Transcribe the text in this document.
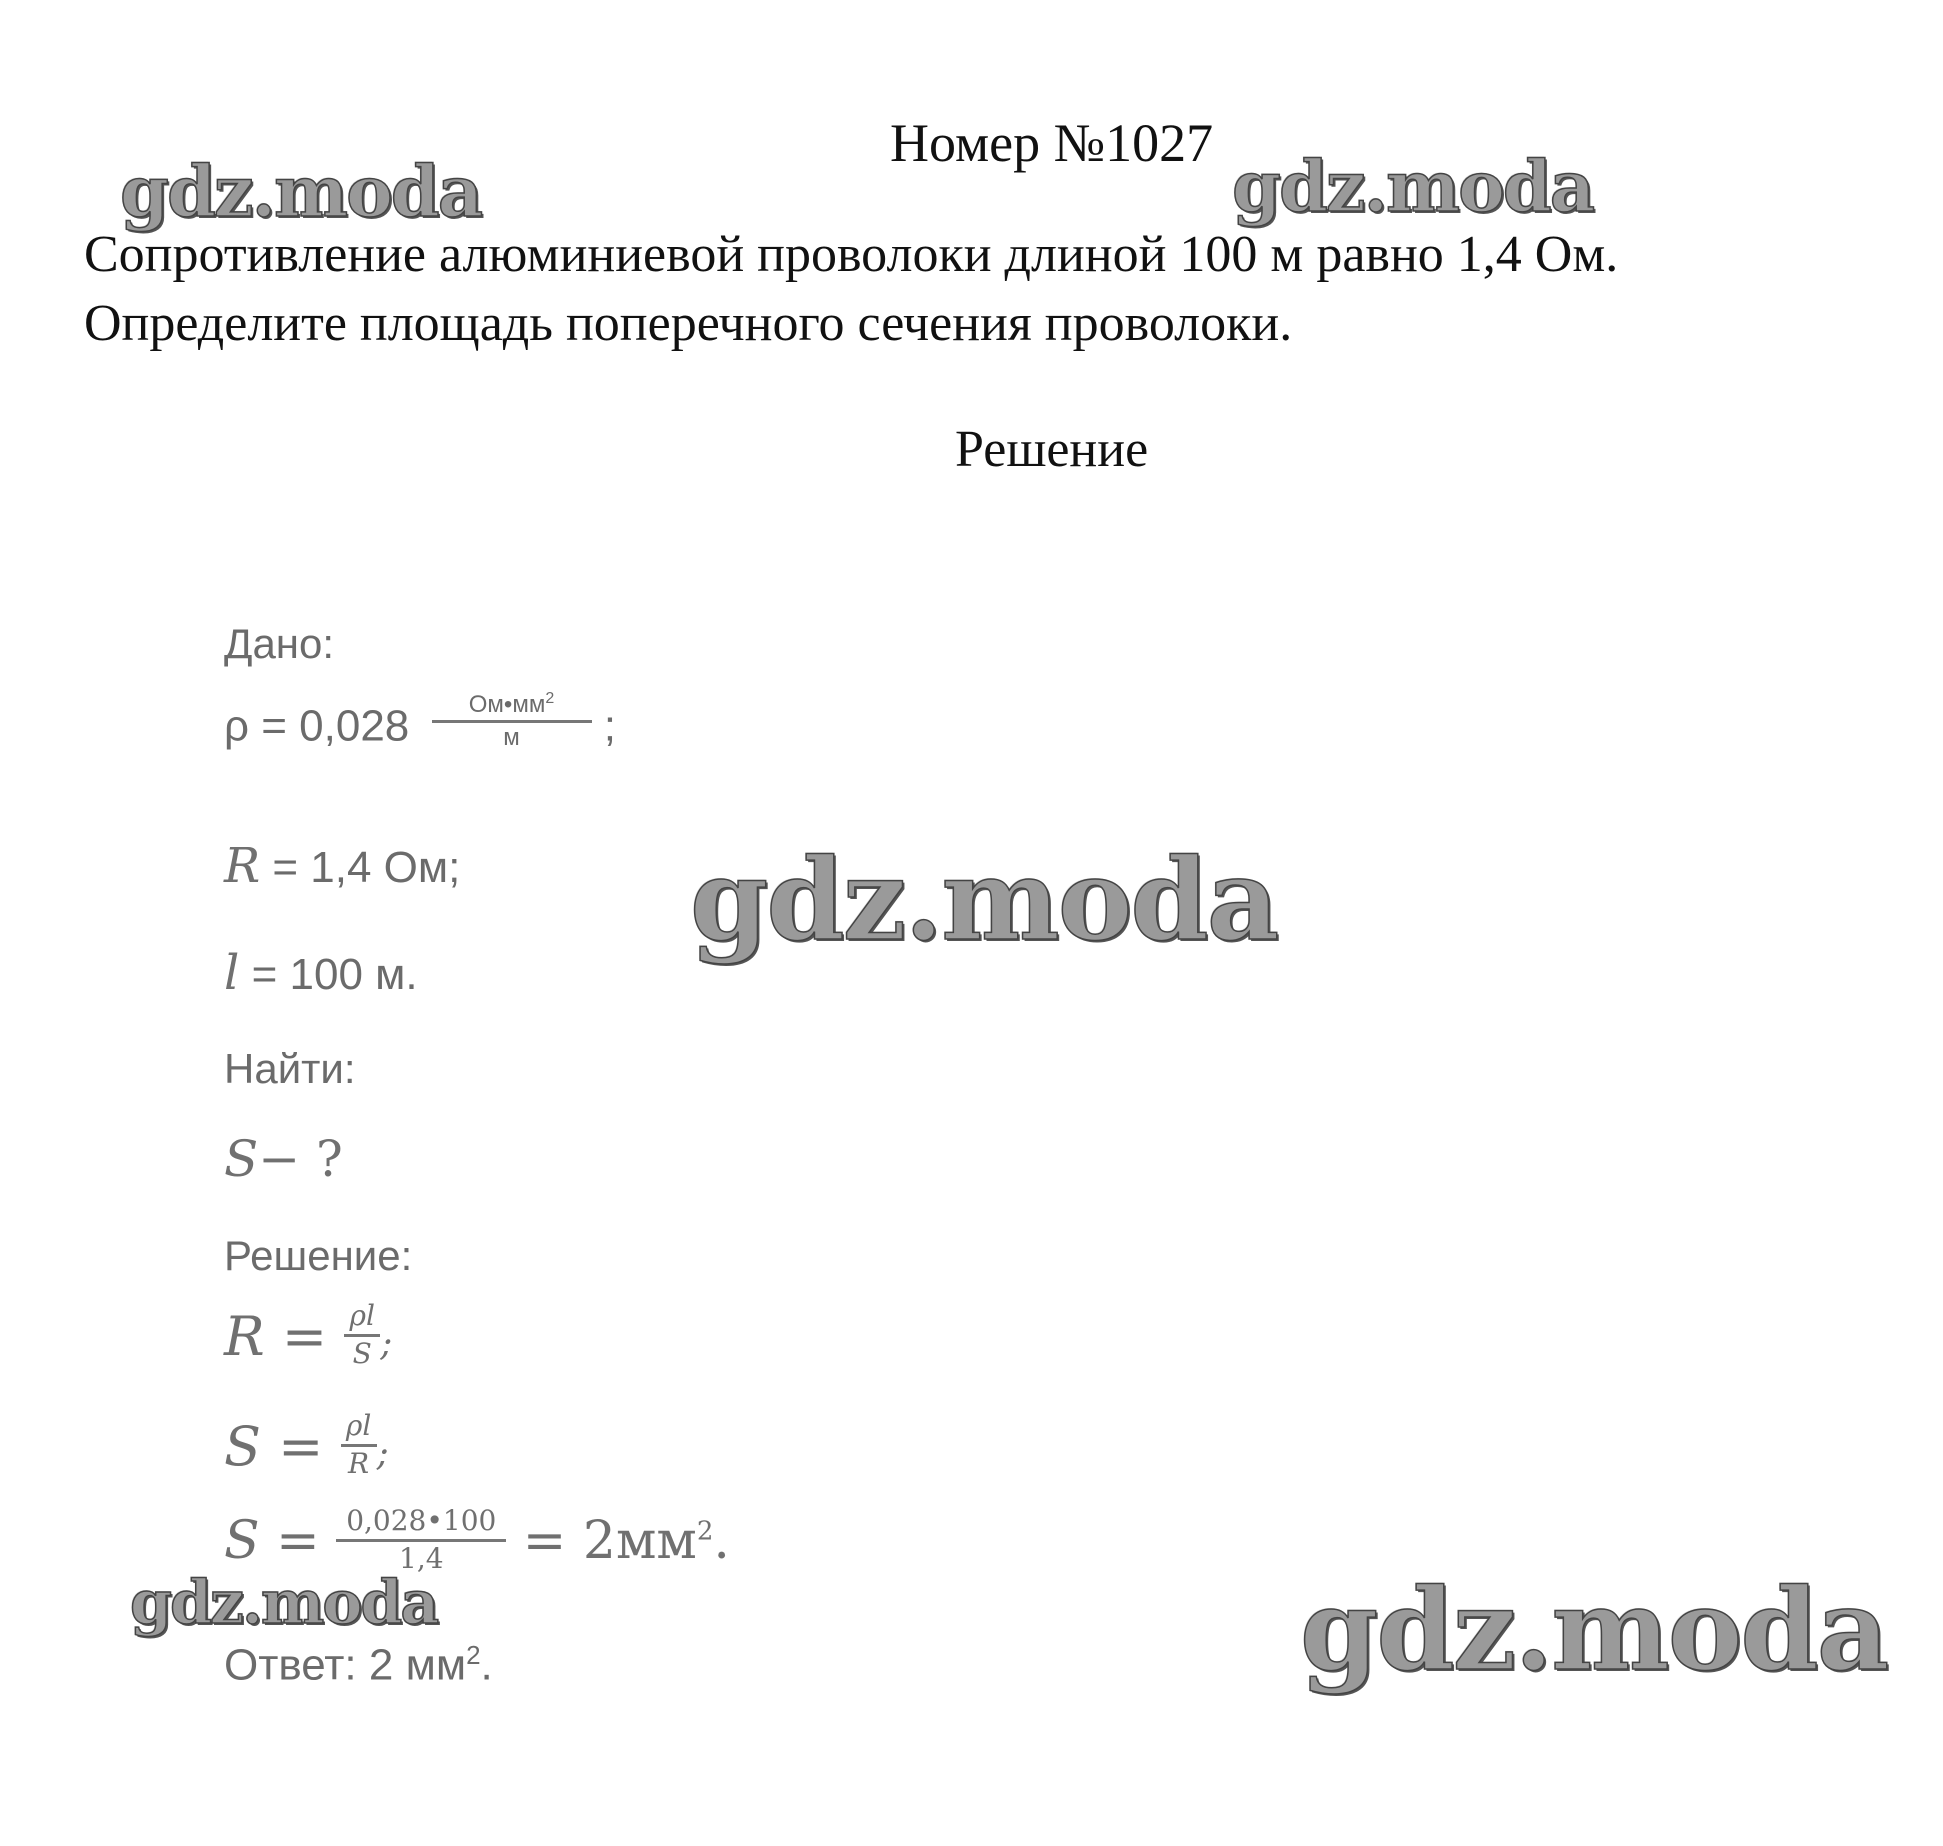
Номер №1027
Сопротивление алюминиевой проволоки длиной 100 м равно 1,4 Ом.
Определите площадь поперечного сечения проволоки.
Решение
Дано:
$\rho = 0,028 \frac{Ом•мм^2}{м}$ ;
R = 1,4 Ом;
l = 100 м.
Найти:
S− ?
Решение:
$R = \frac{\rho l}{S}$ ;
$S = \frac{\rho l}{R}$ ;
$S = \frac{0,028•100}{1,4} = 2мм^2$.
Ответ: 2 $мм^2$.
gdz.moda	gdz.moda
gdz.moda
gdz.moda	gdz.moda
